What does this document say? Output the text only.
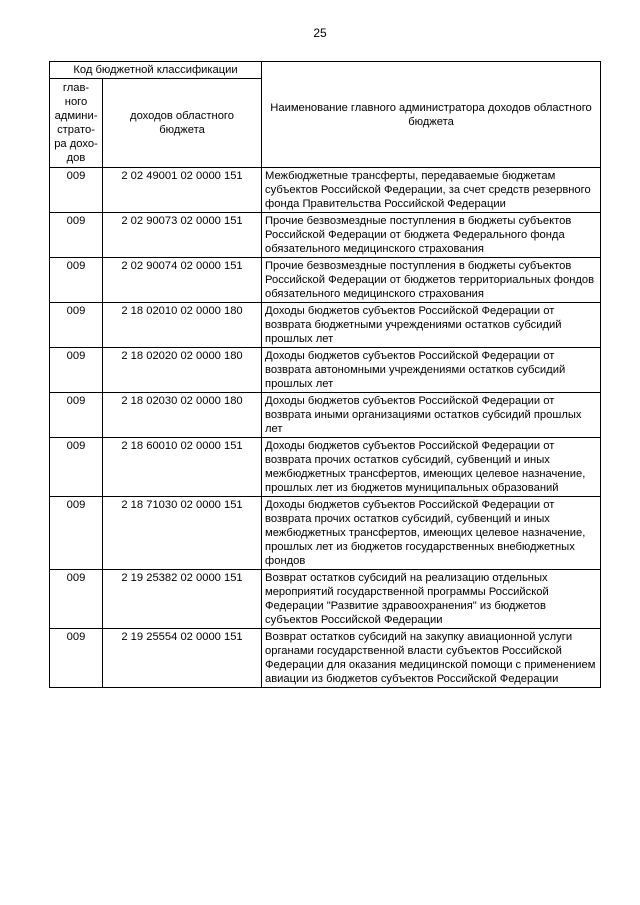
25
Код бюджетной классификации		Наименование главного администратора доходов областного бюджета
глав-ного админи-страто-ра дохо-дов	доходов областного бюджета	
009	2 02 49001 02 0000 151	Межбюджетные трансферты, передаваемые бюджетам субъектов Российской Федерации, за счет средств резервного фонда Правительства Российской Федерации
009	2 02 90073 02 0000 151	Прочие безвозмездные поступления в бюджеты субъектов Российской Федерации от бюджета Федерального фонда обязательного медицинского страхования
009	2 02 90074 02 0000 151	Прочие безвозмездные поступления в бюджеты субъектов Российской Федерации от бюджетов территориальных фондов обязательного медицинского страхования
009	2 18 02010 02 0000 180	Доходы бюджетов субъектов Российской Федерации от возврата бюджетными учреждениями остатков субсидий прошлых лет
009	2 18 02020 02 0000 180	Доходы бюджетов субъектов Российской Федерации от возврата автономными учреждениями остатков субсидий прошлых лет
009	2 18 02030 02 0000 180	Доходы бюджетов субъектов Российской Федерации от возврата иными организациями остатков субсидий прошлых лет
009	2 18 60010 02 0000 151	Доходы бюджетов субъектов Российской Федерации от возврата прочих остатков субсидий, субвенций и иных межбюджетных трансфертов, имеющих целевое назначение, прошлых лет из бюджетов муниципальных образований
009	2 18 71030 02 0000 151	Доходы бюджетов субъектов Российской Федерации от возврата прочих остатков субсидий, субвенций и иных межбюджетных трансфертов, имеющих целевое назначение, прошлых лет из бюджетов государственных внебюджетных фондов
009	2 19 25382 02 0000 151	Возврат остатков субсидий на реализацию отдельных мероприятий государственной программы Российской Федерации "Развитие здравоохранения" из бюджетов субъектов Российской Федерации
009	2 19 25554 02 0000 151	Возврат остатков субсидий на закупку авиационной услуги органами государственной власти субъектов Российской Федерации для оказания медицинской помощи с применением авиации из бюджетов субъектов Российской Федерации
